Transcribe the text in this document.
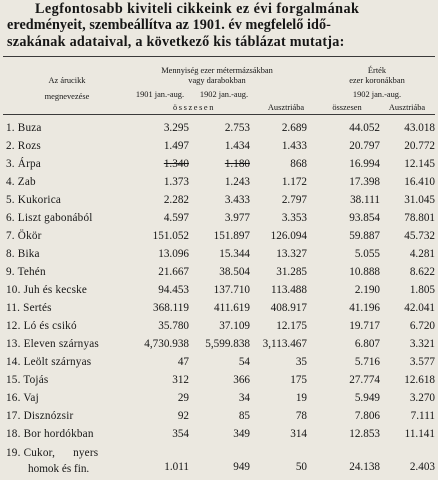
Legfontosabb kiviteli cikkeink ez évi forgalmának
eredményeit, szembeállítva az 1901. év megfelelő idő-
szakának adataival, a következő kis táblázat mutatja:
Az árucikk
megnevezése
Mennyiség ezer métermázsákban
vagy darabokban
1901 jan.-aug.	1902 jan.-aug.
összesen	Ausztriába
Érték
ezer koronákban
1902 jan.-aug.
összesen	Ausztriába
1. Buza	3.295	2.753	2.689	44.052 43.018
2. Rozs	1.497	1.434	1.433	20.797 20.772
3. Árpa	1.340	1.180	868	16.994 12.145
4. Zab	1.373	1.243	1.172	17.398 16.410
5. Kukorica	2.282	3.433	2.797	38.111 31.045
6. Liszt gabonából	4.597	3.977	3.353	93.854 78.801
7. Ökör	151.052 151.897 126.094	59.887 45.732
8. Bika	13.096	15.344 13.327	5.055	4.281
9. Tehén	21.667	38.504 31.285	10.888	8.622
10. Juh és kecske	94.453 137.710 113.488	2.190	1.805
11. Sertés	368.119 411.619 408.917	41.196 42.041
12. Ló és csikó	35.780	37.109 12.175	19.717	6.720
13. Eleven szárnyas	4,730.938 5,599.838 3,113.467	6.807	3.321
14. Leölt szárnyas	47	54	35	5.716	3.577
15. Tojás	312	366	175	27.774 12.618
16. Vaj	29	34	19	5.949	3.270
17. Disznózsir	92	85	78	7.806	7.111
18. Bor hordókban	354	349	314	12.853 11.141
19. Cukor,      nyers
homok és fin.	1.011	949	50	24.138	2.403
